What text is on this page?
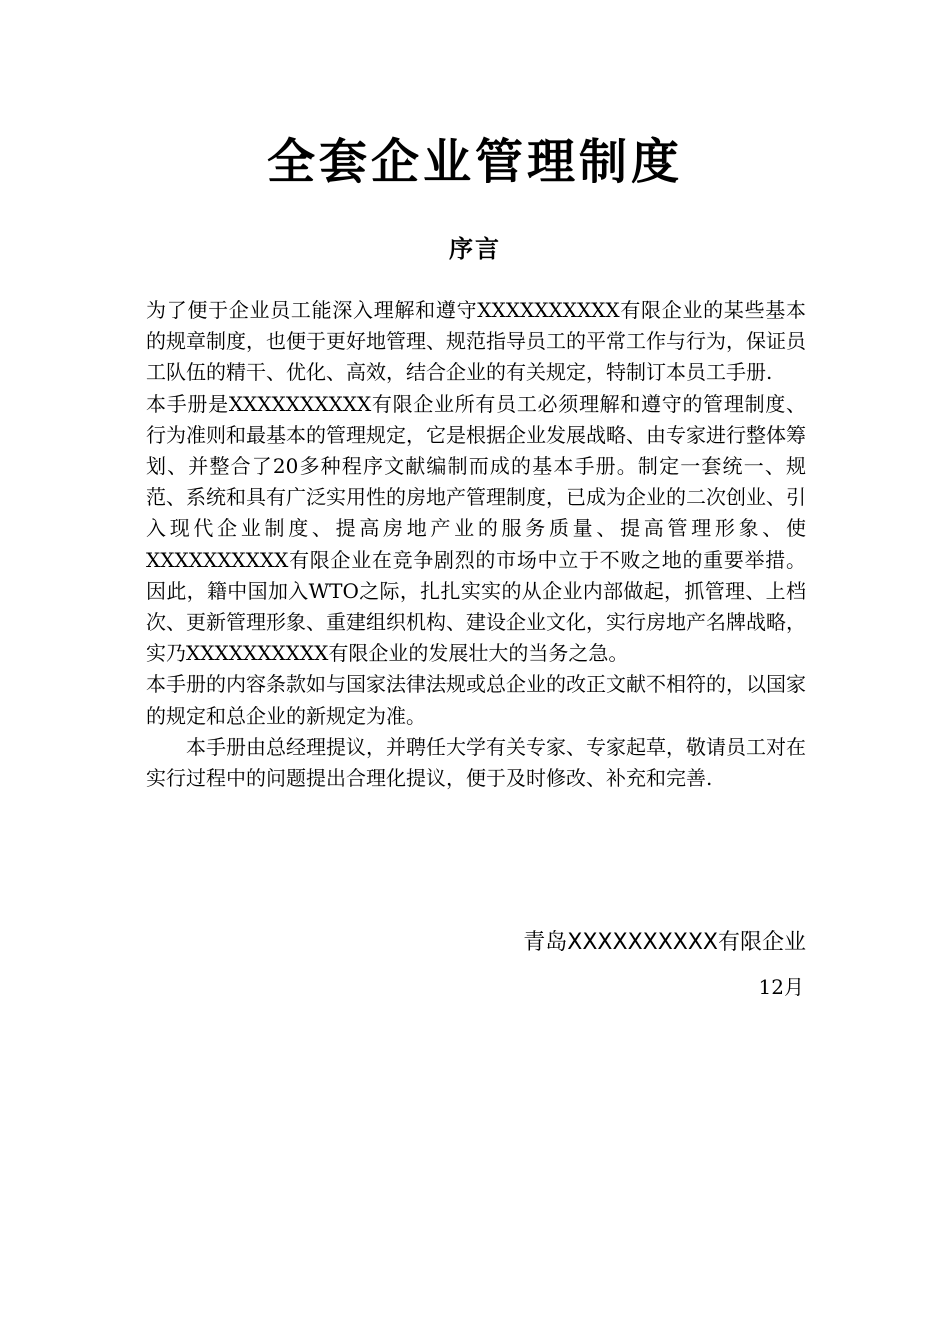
全套企业管理制度
序言

为了便于企业员工能深入理解和遵守XXXXXXXXXX有限企业的某些基本的规章制度，也便于更好地管理、规范指导员工的平常工作与行为，保证员工队伍的精干、优化、高效，结合企业的有关规定，特制订本员工手册.

本手册是XXXXXXXXXX有限企业所有员工必须理解和遵守的管理制度、行为准则和最基本的管理规定，它是根据企业发展战略、由专家进行整体筹划、并整合了20多种程序文献编制而成的基本手册。制定一套统一、规范、系统和具有广泛实用性的房地产管理制度，已成为企业的二次创业、引入现代企业制度、提高房地产业的服务质量、提高管理形象、使XXXXXXXXXX有限企业在竞争剧烈的市场中立于不败之地的重要举措。因此，籍中国加入WTO之际，扎扎实实的从企业内部做起，抓管理、上档次、更新管理形象、重建组织机构、建设企业文化，实行房地产名牌战略，实乃XXXXXXXXXX有限企业的发展壮大的当务之急。

本手册的内容条款如与国家法律法规或总企业的改正文献不相符的，以国家的规定和总企业的新规定为准。

本手册由总经理提议，并聘任大学有关专家、专家起草，敬请员工对在实行过程中的问题提出合理化提议，便于及时修改、补充和完善.

青岛XXXXXXXXXX有限企业
12月
